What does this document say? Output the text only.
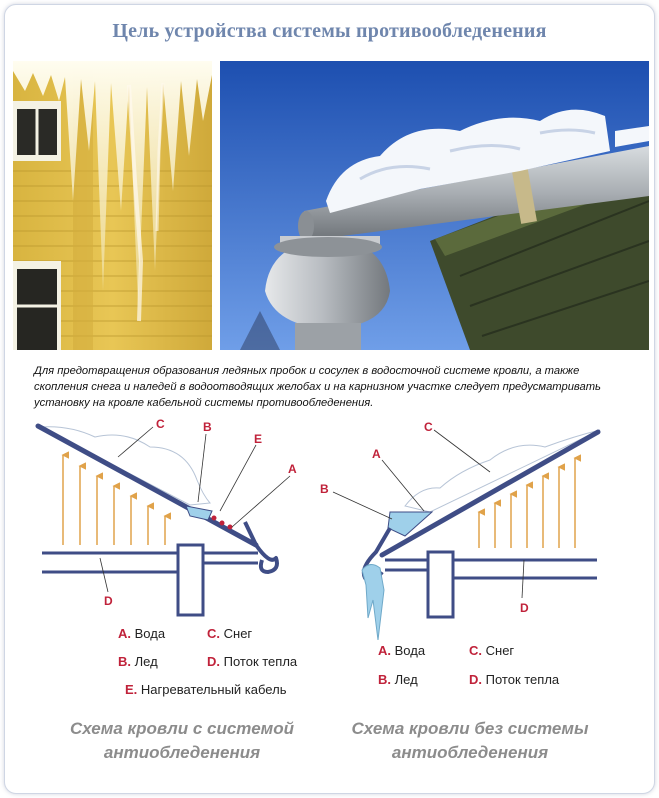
Цель устройства системы противообледенения
Для предотвращения образования ледяных пробок и сосулек в водосточной системе кровли, а также скопления снега и наледей в водоотводящих желобах и на карнизном участке следует предусматривать установку на кровле кабельной системы противообледенения.
C	B
E
A
D
C
A
B
D
A. Вода	C. Снег
B. Лед	D. Поток тепла
E. Нагревательный кабель
A. Вода	C. Снег
B. Лед	D. Поток тепла
Схема кровли с системой
антиобледенения
Схема кровли без системы
антиобледенения
